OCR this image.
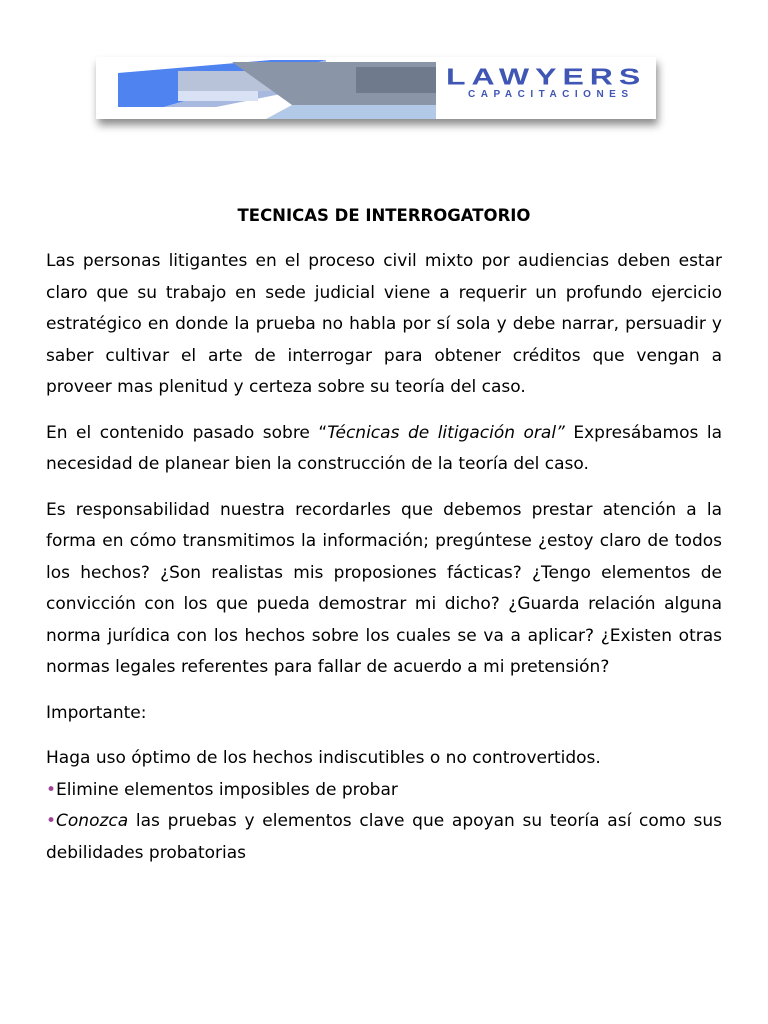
LAWYERS
CAPACITACIONES
TECNICAS DE INTERROGATORIO

Las personas litigantes en el proceso civil mixto por audiencias deben estar claro que su trabajo en sede judicial viene a requerir un profundo ejercicio estratégico en donde la prueba no habla por sí sola y debe narrar, persuadir y saber cultivar el arte de interrogar para obtener créditos que vengan a proveer mas plenitud y certeza sobre su teoría del caso.

En el contenido pasado sobre “Técnicas de litigación oral” Expresábamos la necesidad de planear bien la construcción de la teoría del caso.

Es responsabilidad nuestra recordarles que debemos prestar atención a la forma en cómo transmitimos la información; pregúntese ¿estoy claro de todos los hechos? ¿Son realistas mis proposiones fácticas? ¿Tengo elementos de convicción con los que pueda demostrar mi dicho? ¿Guarda relación alguna norma jurídica con los hechos sobre los cuales se va a aplicar? ¿Existen otras normas legales referentes para fallar de acuerdo a mi pretensión?

Importante:

Haga uso óptimo de los hechos indiscutibles o no controvertidos.

•Elimine elementos imposibles de probar

•Conozca las pruebas y elementos clave que apoyan su teoría así como sus debilidades probatorias
